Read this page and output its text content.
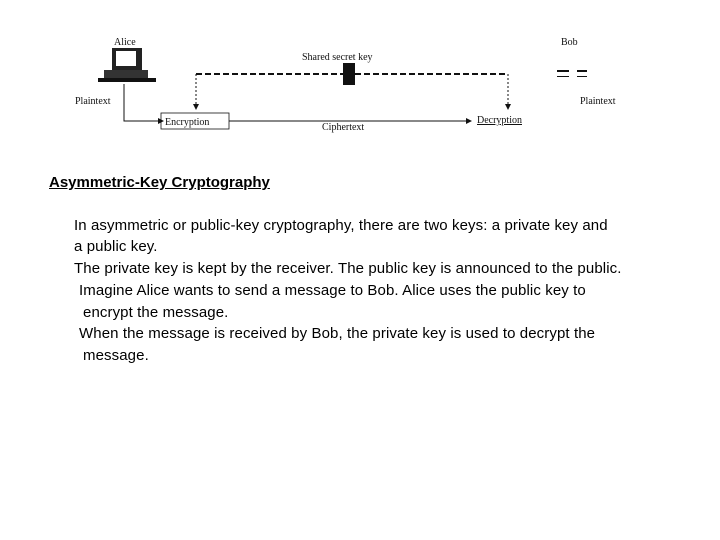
Alice
Plaintext
Encryption	Ciphertext
Decryption
Shared secret key
Bob
Plaintext
Asymmetric-Key Cryptography
In asymmetric or public-key cryptography, there are two keys: a private key and
a public key.
The private key is kept by the receiver. The public key is announced to the public.
Imagine Alice wants to send a message to Bob. Alice uses the public key to
encrypt the message.
When the message is received by Bob, the private key is used to decrypt the
message.
